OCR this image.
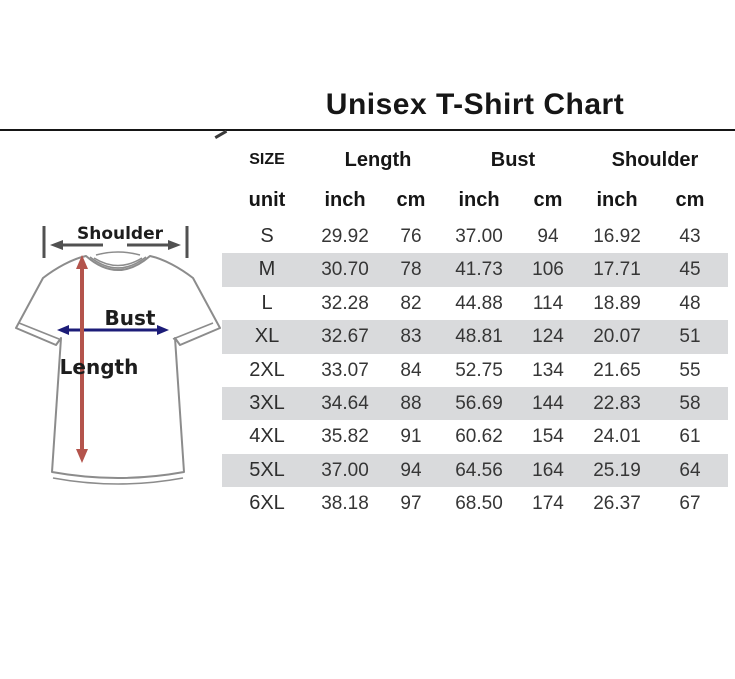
Unisex T-Shirt Chart
Shoulder
Bust
Length
SIZE	Length	Bust	Shoulder
unit	inch	cm	inch	cm	inch	cm
S	29.92	76	37.00	94	16.92	43
M	30.70	78	41.73	106	17.71	45
L	32.28	82	44.88	114	18.89	48
XL	32.67	83	48.81	124	20.07	51
2XL	33.07	84	52.75	134	21.65	55
3XL	34.64	88	56.69	144	22.83	58
4XL	35.82	91	60.62	154	24.01	61
5XL	37.00	94	64.56	164	25.19	64
6XL	38.18	97	68.50	174	26.37	67
